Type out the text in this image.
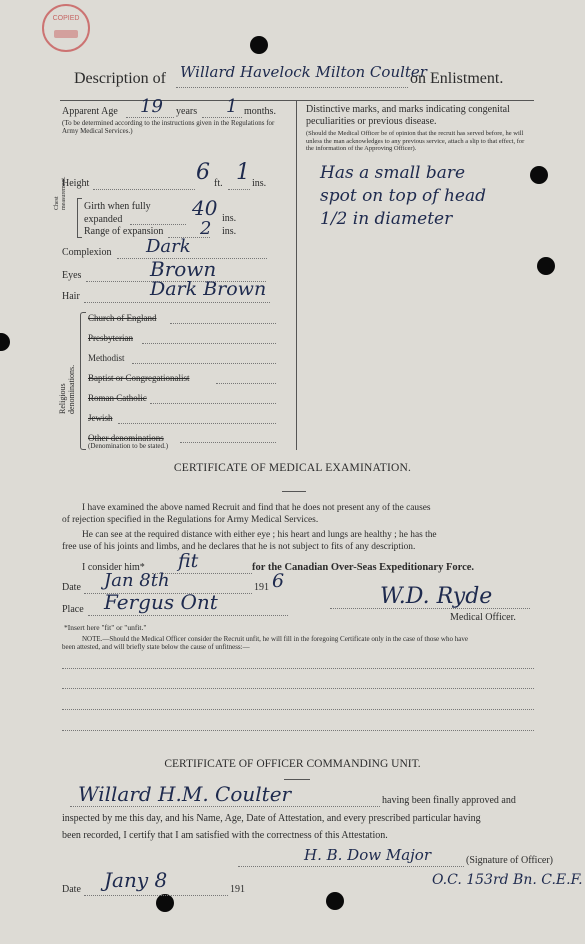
COPIED
Description of Willard Havelock Milton Coulter
on Enlistment.
Apparent Age 19 years 1 months.
(To be determined according to the instructions given in the Regulations for Army Medical Services.)
Height	6 ft. 1 ins.
Chest measurement. Girth when fully expanded	40 ins.
Range of expansion 2 ins.
Complexion Dark
Eyes	Brown
Hair	Dark Brown
Religious denominations.
Church of England
Presbyterian
Methodist
Baptist or Congregationalist
Roman Catholic
Jewish
Other denominations
(Denomination to be stated.)
Distinctive marks, and marks indicating congenital peculiarities or previous disease.
(Should the Medical Officer be of opinion that the recruit has served before, he will unless the man acknowledges to any previous service, attach a slip to that effect, for the information of the Approving Officer).
Has a small bare
spot on top of head
1/2 in diameter
CERTIFICATE OF MEDICAL EXAMINATION.
I have examined the above named Recruit and find that he does not present any of the causes
of rejection specified in the Regulations for Army Medical Services.
He can see at the required distance with either eye ; his heart and lungs are healthy ; he has the
free use of his joints and limbs, and he declares that he is not subject to fits of any description.
I consider him* fit	for the Canadian Over-Seas Expeditionary Force.
Date Jan 8th	191 6
Place Fergus Ont	W.D. Ryde
Medical Officer.
*Insert here "fit" or "unfit."
NOTE.—Should the Medical Officer consider the Recruit unfit, he will fill in the foregoing Certificate only in the case of those who have
been attested, and will briefly state below the cause of unfitness:—
CERTIFICATE OF OFFICER COMMANDING UNIT.
Willard H.M. Coulter	having been finally approved and
inspected by me this day, and his Name, Age, Date of Attestation, and every prescribed particular having
been recorded, I certify that I am satisfied with the correctness of this Attestation.
H. B. Dow Major	(Signature of Officer)
O.C. 153rd Bn. C.E.F.
Date Jany 8	191
